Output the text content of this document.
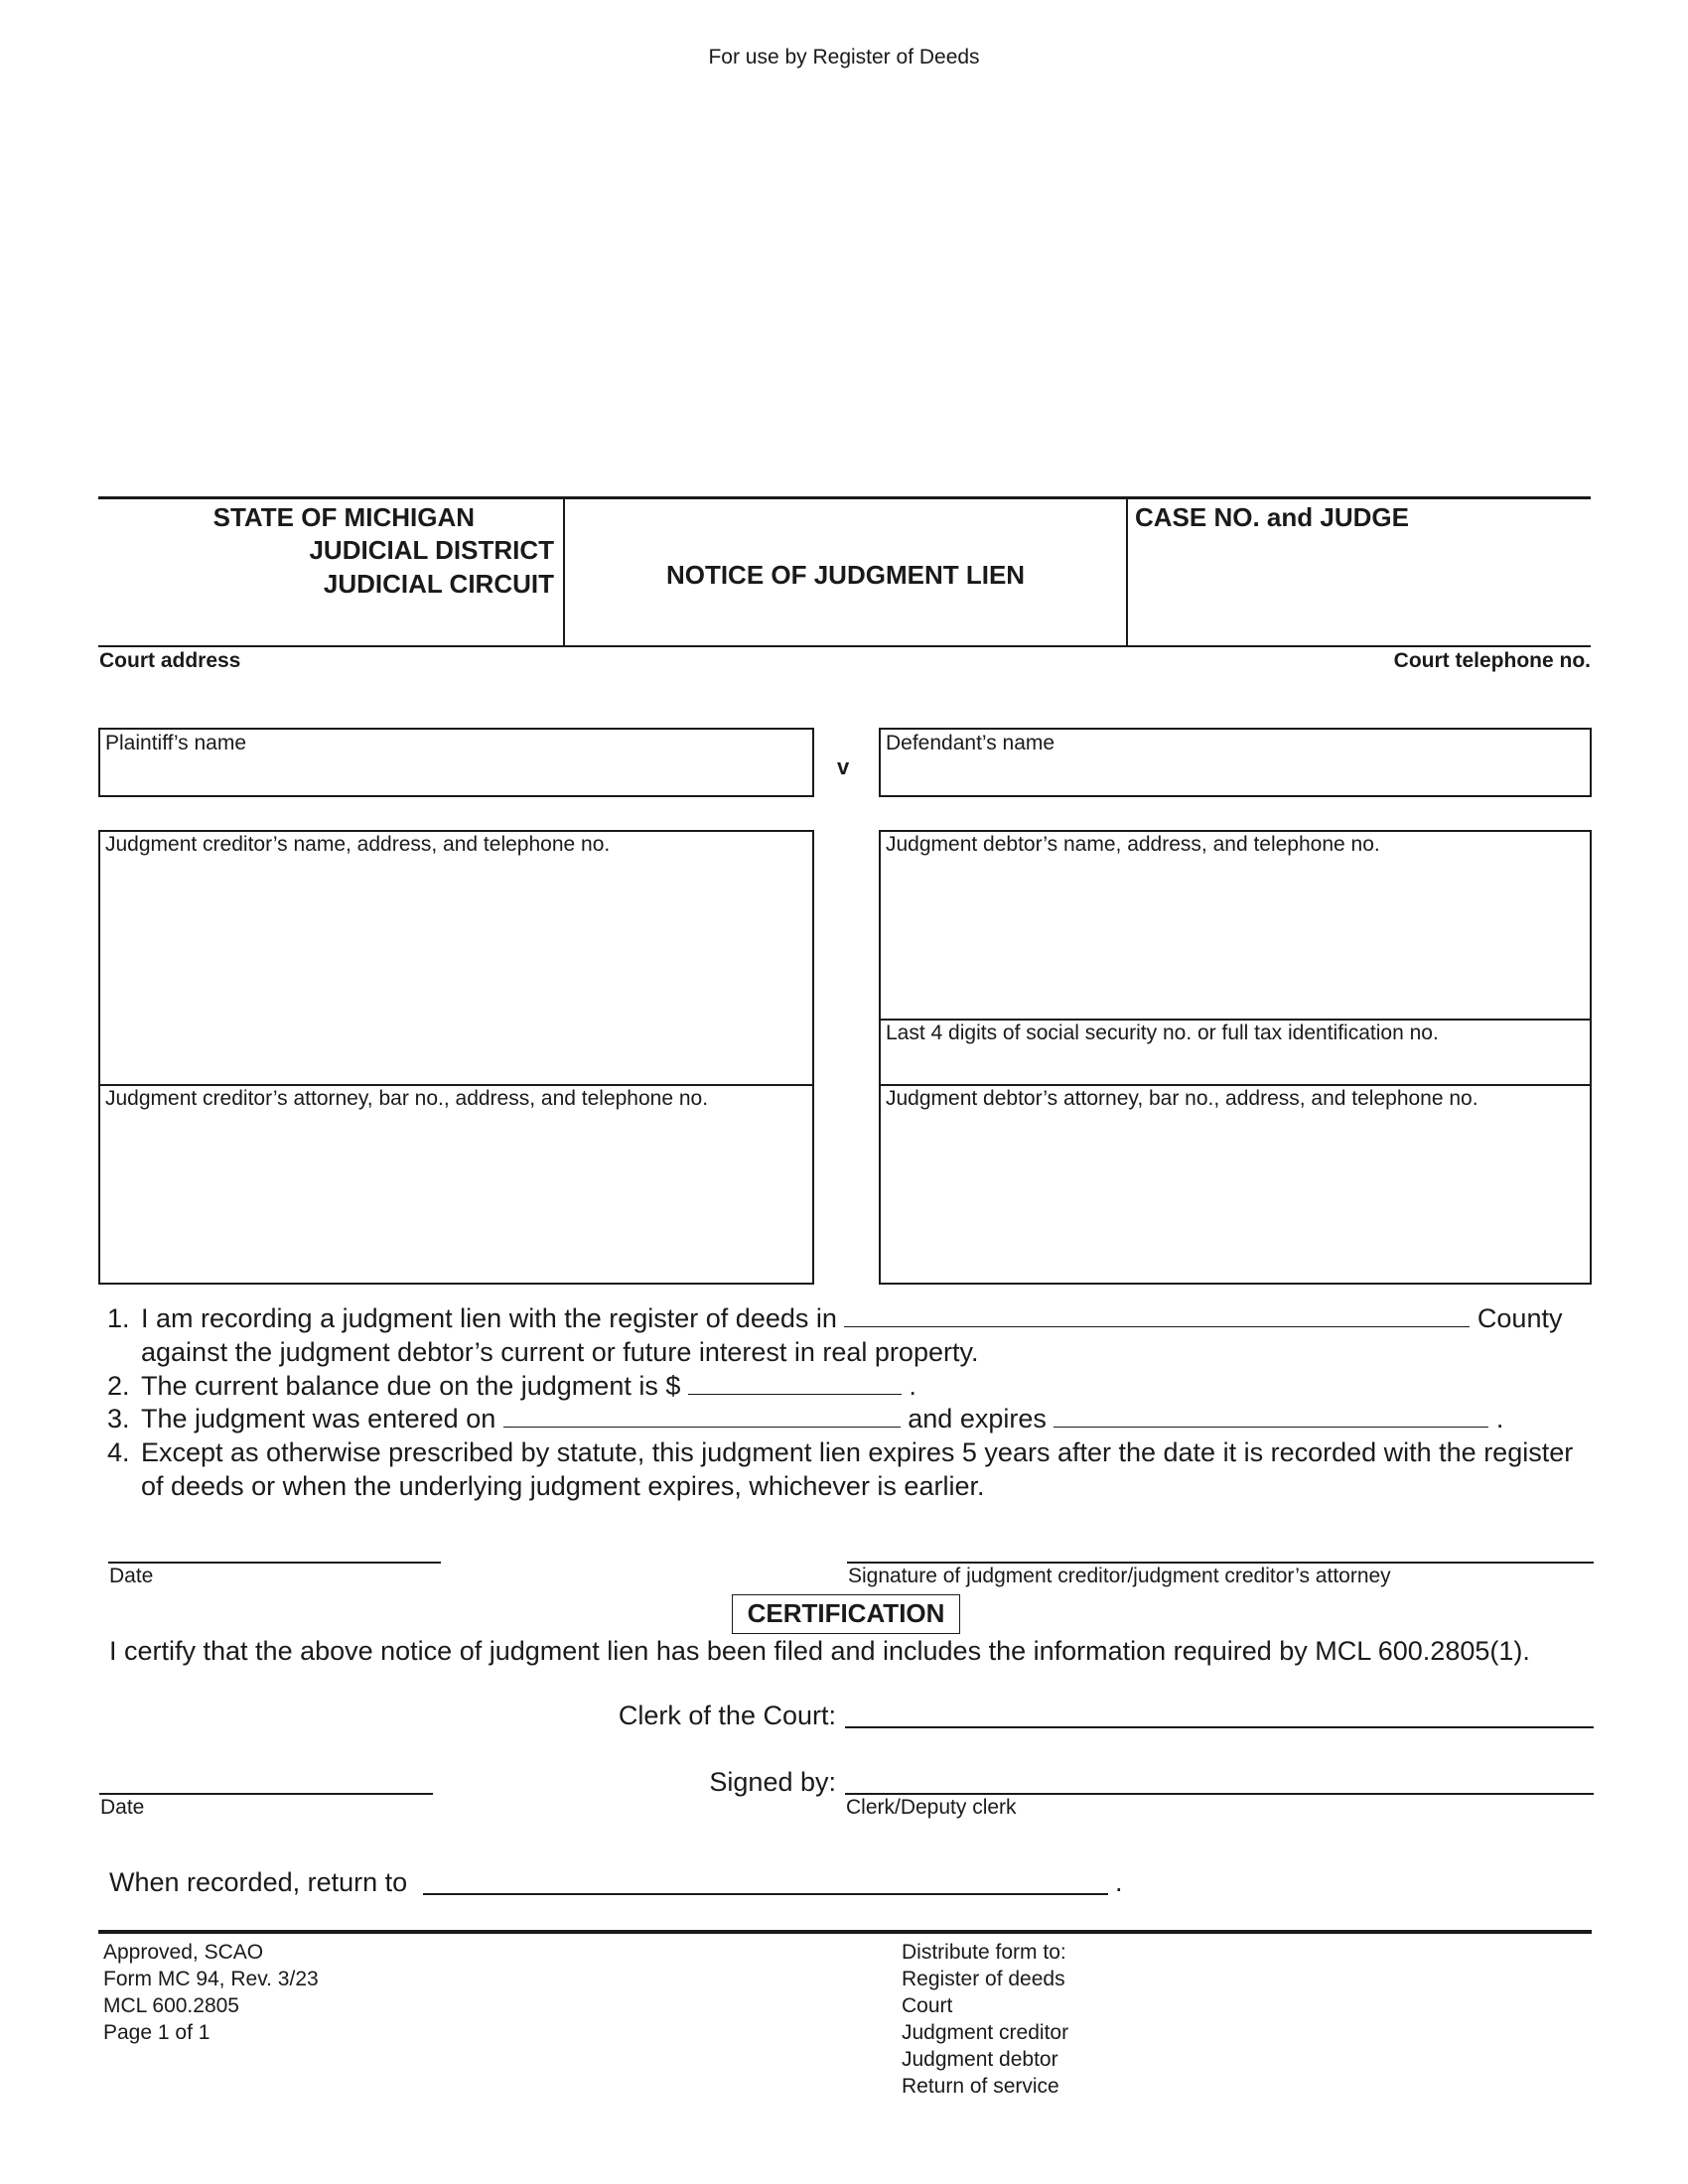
For use by Register of Deeds
STATE OF MICHIGAN
JUDICIAL DISTRICT
JUDICIAL CIRCUIT	NOTICE OF JUDGMENT LIEN
CASE NO. and JUDGE
Court address	Court telephone no.
Plaintiff’s name
v
Defendant’s name
Judgment creditor’s name, address, and telephone no.
Judgment creditor’s attorney, bar no., address, and telephone no.
Judgment debtor’s name, address, and telephone no.
Last 4 digits of social security no. or full tax identification no.
Judgment debtor’s attorney, bar no., address, and telephone no.
1. I am recording a judgment lien with the register of deeds in	County
against the judgment debtor’s current or future interest in real property.
2. The current balance due on the judgment is $	.
3. The judgment was entered on	and expires	.
4. Except as otherwise prescribed by statute, this judgment lien expires 5 years after the date it is recorded with the register
of deeds or when the underlying judgment expires, whichever is earlier.
Date	Signature of judgment creditor/judgment creditor’s attorney
CERTIFICATION
I certify that the above notice of judgment lien has been filed and includes the information required by MCL 600.2805(1).
Clerk of the Court:
Signed by:
Clerk/Deputy clerk
Date
When recorded, return to	.
Approved, SCAO
Form MC 94, Rev. 3/23
MCL 600.2805
Page 1 of 1
Distribute form to:
Register of deeds
Court
Judgment creditor
Judgment debtor
Return of service
